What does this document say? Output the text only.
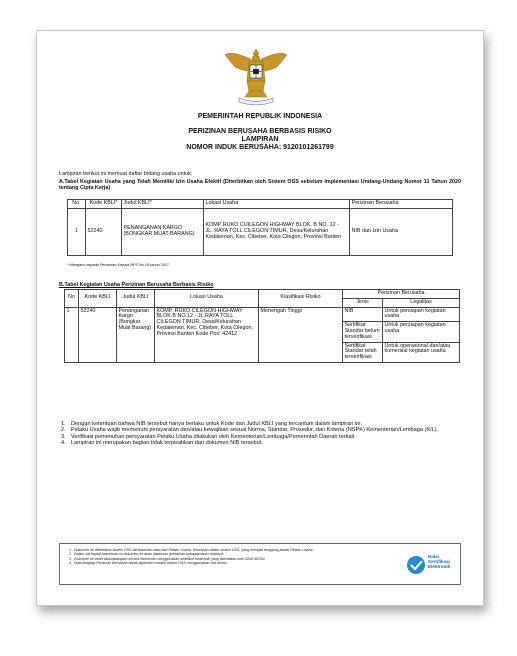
PEMERINTAH REPUBLIK INDONESIA
PERIZINAN BERUSAHA BERBASIS RISIKO
LAMPIRAN
NOMOR INDUK BERUSAHA: 9120101261799
Lampiran berikut ini memuat daftar bidang usaha untuk:
A.Tabel Kegiatan Usaha yang Telah Memiliki Izin Usaha Efektif (Diterbitkan oleh Sistem OSS sebelum implementasi Undang-Undang Nomor 11 Tahun 2020 tentang Cipta Kerja)
No.	Kode KBLI*	Judul KBLI*	Lokasi Usaha	Perizinan Berusaha
1	52240	PENANGANAN KARGO (BONGKAR MUAT BARANG)	KOMP RUKO CUILEGON HIGHWAY BLOK. B NO. 12 - JL. RAYA TOLL CILEGON TIMUR, Desa/Kelurahan Kedaleman, Kec. Cibeber, Kota Cilegon, Provinsi Banten	NIB dan Izin Usaha
* Mengacu kepada Peraturan Kepala BPS No.19 tahun 2017
B.Tabel Kegiatan Usaha Perizinan Berusaha Berbasis Risiko
No	Kode KBLI	Judul KBLI	Lokasi Usaha	Klasifikasi Risiko	Perizinan Berusaha	
					Jenis	Legalitas
1	52240	Penanganan Kargo (Bongkar Muat Barang)	KOMP. RUKO CILEGON HIGHWAY BLOK.B NO.12 - JL.RAYA TOLL CILEGON TIMUR, Desa/Kelurahan Kedaleman, Kec. Cibeber, Kota Cilegon, Provinsi Banten Kode Pos: 42412	Menengah Tinggi	NIB	Untuk persiapan kegiatan usaha
					Sertifikat Standar belum terverifikasi	Untuk persiapan kegiatan usaha
					Sertifikat Standar telah terverifikasi	Untuk operasional dan/atau komersial kegiatan usaha
1. Dengan ketentuan bahwa NIB tersebut hanya berlaku untuk Kode dan Judul KBLI yang tercantum dalam lampiran ini.
2. Pelaku Usaha wajib memenuhi persyaratan dan/atau kewajiban sesuai Norma, Standar, Prosedur, dan Kriteria (NSPK) Kementerian/Lembaga (K/L).
3. Verifikasi pemenuhan persyaratan Pelaku Usaha dilakukan oleh Kementerian/Lembaga/Pemerintah Daerah terkait.
4. Lampiran ini merupakan bagian tidak terpisahkan dari dokumen NIB tersebut.
1. Dokumen ini diterbitkan sistem OSS berdasarkan data dari Pelaku Usaha, tersimpan dalam sistem OSS, yang menjadi tanggung jawab Pelaku Usaha.
2. Dalam hal terjadi kekeliruan isi dokumen ini akan dilakukan perbaikan sebagaimana mestinya.
3. Dokumen ini telah ditandatangani secara elektronik menggunakan sertifikat elektronik yang diterbitkan oleh BSrE-BSSN.
4. Data lengkap Perizinan Berusaha dapat diperoleh melalui sistem OSS menggunakan hak akses.
Balai
Sertifikasi
Elektronik
